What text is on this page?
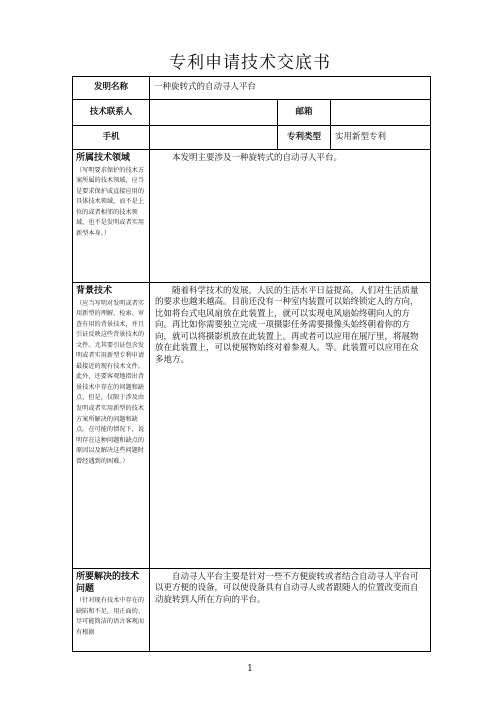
专利申请技术交底书
发明名称	一种旋转式的自动寻人平台		
技术联系人		邮箱	
手机		专利类型	实用新型专利

所属技术领域
（写明要求保护的技术方案所属的技术领域，应当是要求保护或直接应用的具体技术领域，而不是上位的或者相邻的技术领域，也不是发明或者实用新型本身。）	本发明主要涉及一种旋转式的自动寻人平台。		

背景技术
（应当写明对发明或者实用新型的理解、检索、审查有用的背景技术，并且引证反映这些背景技术的文件。尤其要引证包含发明或者实用新型专利申请最接近的现有技术文件。此外，还要客观地指出背景技术中存在的问题和缺点，但是，仅限于涉及由发明或者实用新型的技术方案所解决的问题和缺点。在可能的情况下，说明存在这种问题和缺点的原因以及解决这些问题时曾经遇到的困难。）	随着科学技术的发展，人民的生活水平日益提高，人们对生活质量的要求也越来越高。目前还没有一种室内装置可以始终锁定人的方向，比如将台式电风扇放在此装置上，就可以实现电风扇始终朝向人的方向。再比如你需要独立完成一项摄影任务需要摄像头始终朝着你的方向，就可以将摄影机放在此装置上。再或者可以应用在展厅里，将展物放在此装置上，可以使展物始终对着参观人。等。此装置可以应用在众多地方。		

所要解决的技术问题
（针对现有技术中存在的缺陷和不足，用正面的、尽可能简洁的语言客观而有根据	自动寻人平台主要是针对一些不方便旋转或者结合自动寻人平台可以更方便的设备，可以使设备具有自动寻人或者跟随人的位置改变而自动旋转到人所在方向的平台。		
1
